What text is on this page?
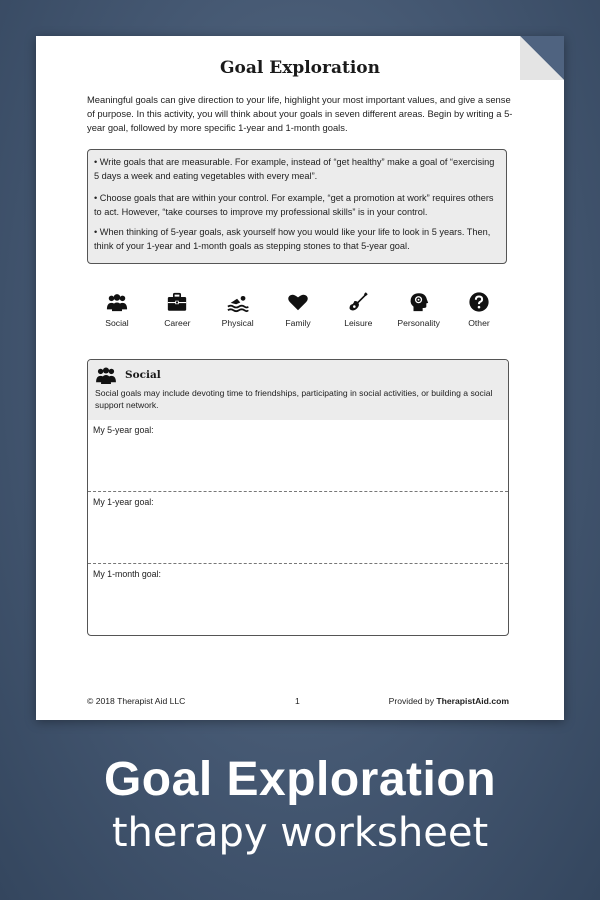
Goal Exploration
Meaningful goals can give direction to your life, highlight your most important values, and give a sense of purpose. In this activity, you will think about your goals in seven different areas. Begin by writing a 5-year goal, followed by more specific 1-year and 1-month goals.

• Write goals that are measurable. For example, instead of “get healthy” make a goal of “exercising 5 days a week and eating vegetables with every meal”.

• Choose goals that are within your control. For example, “get a promotion at work” requires others to act. However, “take courses to improve my professional skills” is in your control.

• When thinking of 5-year goals, ask yourself how you would like your life to look in 5 years. Then, think of your 1-year and 1-month goals as stepping stones to that 5-year goal.

Social	Career	Physical	Family	Leisure	Personality	Other
Social
Social goals may include devoting time to friendships, participating in social activities, or building a social support network.
My 5-year goal:
My 1-year goal:
My 1-month goal:
© 2018 Therapist Aid LLC	1	Provided by TherapistAid.com
Goal Exploration
therapy worksheet
